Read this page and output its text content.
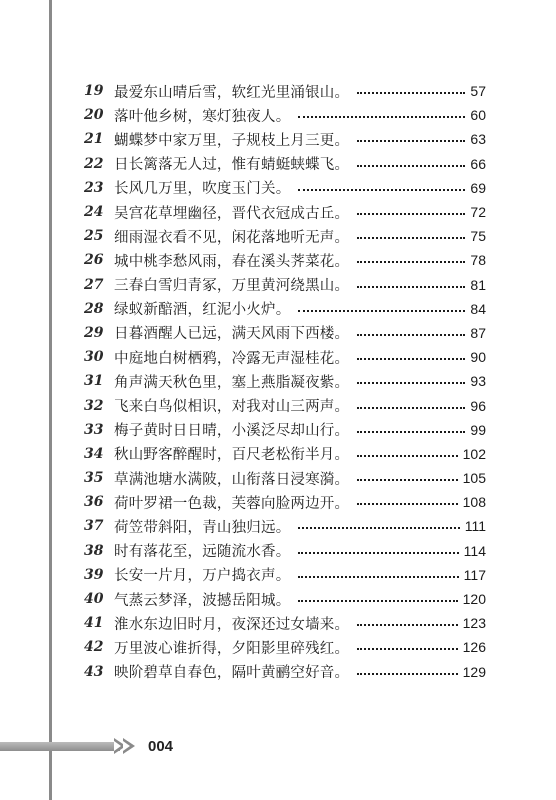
19 最爱东山晴后雪，软红光里涌银山。	57
20 落叶他乡树，寒灯独夜人。	60
21 蝴蝶梦中家万里，子规枝上月三更。	63
22 日长篱落无人过，惟有蜻蜓蛱蝶飞。	66
23 长风几万里，吹度玉门关。	69
24 吴宫花草埋幽径，晋代衣冠成古丘。	72
25 细雨湿衣看不见，闲花落地听无声。	75
26 城中桃李愁风雨，春在溪头荠菜花。	78
27 三春白雪归青冢，万里黄河绕黑山。	81
28 绿蚁新醅酒，红泥小火炉。	84
29 日暮酒醒人已远，满天风雨下西楼。	87
30 中庭地白树栖鸦，冷露无声湿桂花。	90
31 角声满天秋色里，塞上燕脂凝夜紫。	93
32 飞来白鸟似相识，对我对山三两声。	96
33 梅子黄时日日晴，小溪泛尽却山行。	99
34 秋山野客醉醒时，百尺老松衔半月。	102
35 草满池塘水满陂，山衔落日浸寒漪。	105
36 荷叶罗裙一色裁，芙蓉向脸两边开。	108
37 荷笠带斜阳，青山独归远。	111
38 时有落花至，远随流水香。	114
39 长安一片月，万户捣衣声。	117
40 气蒸云梦泽，波撼岳阳城。	120
41 淮水东边旧时月，夜深还过女墙来。	123
42 万里波心谁折得，夕阳影里碎残红。	126
43 映阶碧草自春色，隔叶黄鹂空好音。	129
004
